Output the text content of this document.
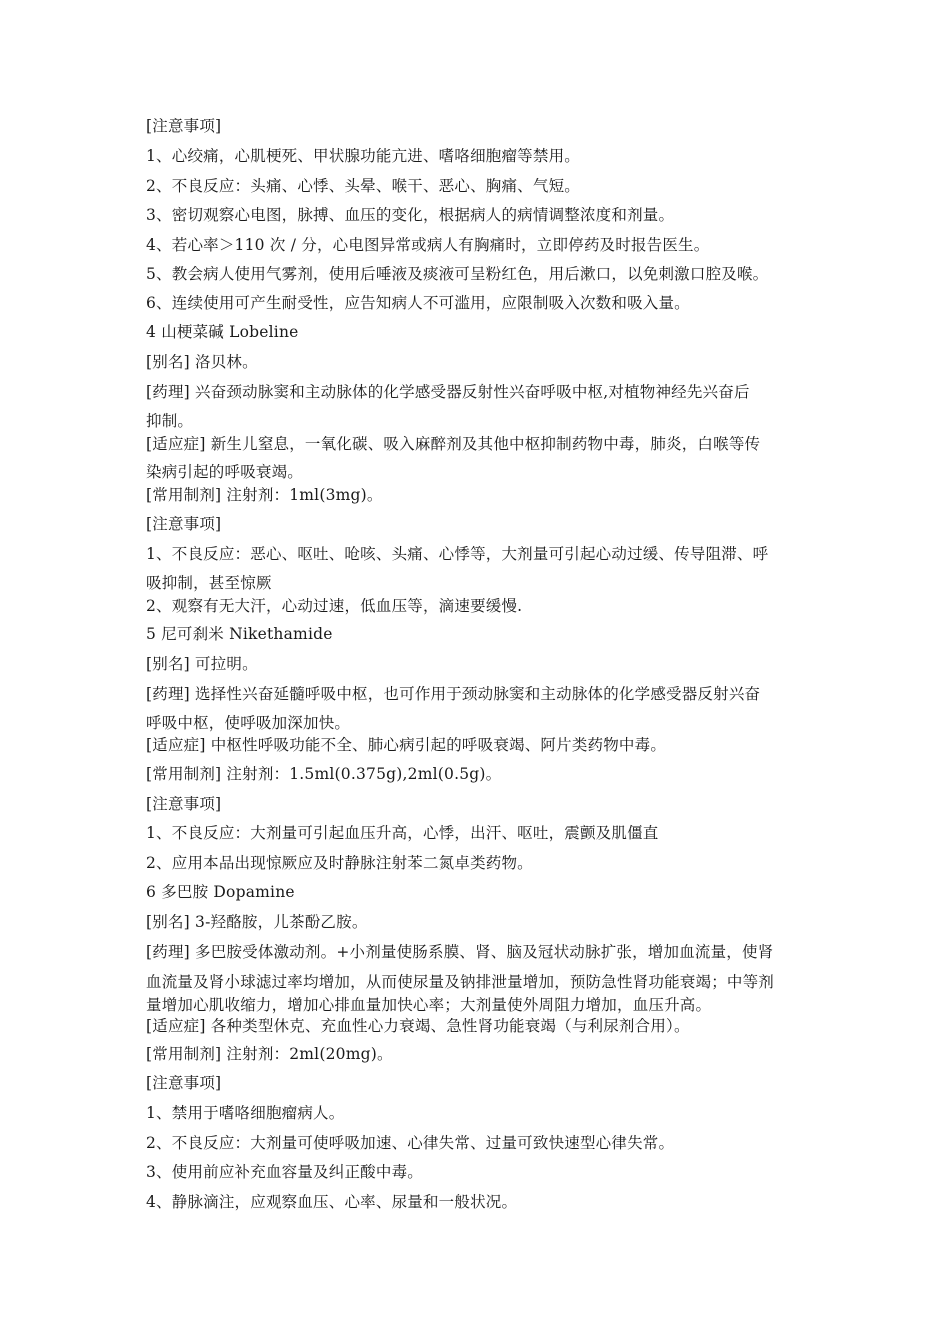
[注意事项]
1、心绞痛，心肌梗死、甲状腺功能亢进、嗜咯细胞瘤等禁用。
2、不良反应：头痛、心悸、头晕、喉干、恶心、胸痛、气短。
3、密切观察心电图，脉搏、血压的变化，根据病人的病情调整浓度和剂量。
4、若心率＞110 次 / 分，心电图异常或病人有胸痛时，立即停药及时报告医生。
5、教会病人使用气雾剂，使用后唾液及痰液可呈粉红色，用后漱口，以免刺激口腔及喉。
6、连续使用可产生耐受性，应告知病人不可滥用，应限制吸入次数和吸入量。
4 山梗菜碱 Lobeline
[别名] 洛贝林。
[药理] 兴奋颈动脉窦和主动脉体的化学感受器反射性兴奋呼吸中枢,对植物神经先兴奋后
抑制。
[适应症] 新生儿窒息，一氧化碳、吸入麻醉剂及其他中枢抑制药物中毒，肺炎，白喉等传
染病引起的呼吸衰竭。
[常用制剂] 注射剂：1ml(3mg)。
[注意事项]
1、不良反应：恶心、呕吐、呛咳、头痛、心悸等，大剂量可引起心动过缓、传导阻滞、呼
吸抑制，甚至惊厥
2、观察有无大汗，心动过速，低血压等，滴速要缓慢.
5 尼可刹米 Nikethamide
[别名] 可拉明。
[药理] 选择性兴奋延髓呼吸中枢，也可作用于颈动脉窦和主动脉体的化学感受器反射兴奋
呼吸中枢，使呼吸加深加快。
[适应症] 中枢性呼吸功能不全、肺心病引起的呼吸衰竭、阿片类药物中毒。
[常用制剂] 注射剂：1.5ml(0.375g),2ml(0.5g)。
[注意事项]
1、不良反应：大剂量可引起血压升高，心悸，出汗、呕吐，震颤及肌僵直
2、应用本品出现惊厥应及时静脉注射苯二氮卓类药物。
6 多巴胺 Dopamine
[别名] 3-羟酪胺，儿茶酚乙胺。
[药理] 多巴胺受体激动剂。+小剂量使肠系膜、肾、脑及冠状动脉扩张，增加血流量，使肾
血流量及肾小球滤过率均增加，从而使尿量及钠排泄量增加，预防急性肾功能衰竭；中等剂
量增加心肌收缩力，增加心排血量加快心率；大剂量使外周阻力增加，血压升高。
[适应症] 各种类型休克、充血性心力衰竭、急性肾功能衰竭（与利尿剂合用）。
[常用制剂] 注射剂：2ml(20mg)。
[注意事项]
1、禁用于嗜咯细胞瘤病人。
2、不良反应：大剂量可使呼吸加速、心律失常、过量可致快速型心律失常。
3、使用前应补充血容量及纠正酸中毒。
4、静脉滴注，应观察血压、心率、尿量和一般状况。
